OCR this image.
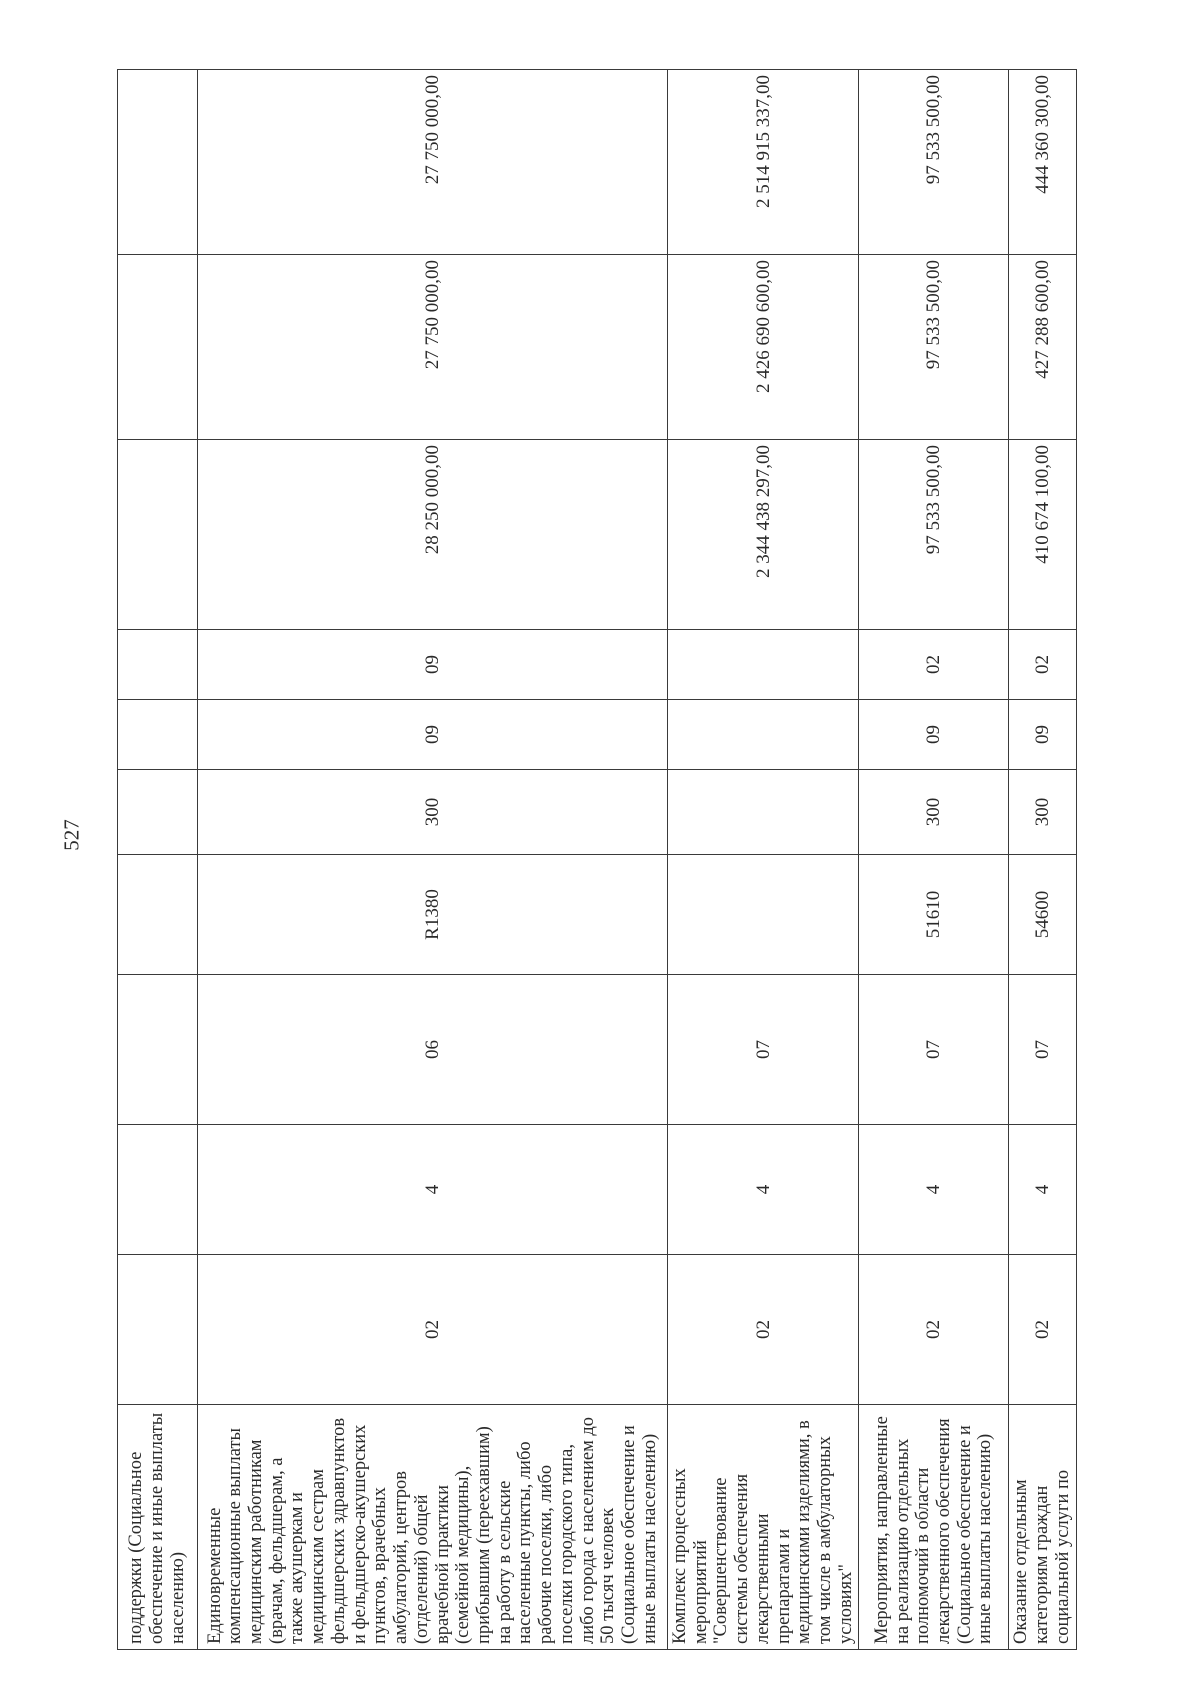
527
поддержки (Социальное обеспечение и иные выплаты населению)										
Единовременные компенсационные выплаты медицинским работникам (врачам, фельдшерам, а также акушеркам и медицинским сестрам фельдшерских здравпунктов и фельдшерско-акушерских пунктов, врачебных амбулаторий, центров (отделений) общей врачебной практики (семейной медицины), прибывшим (переехавшим) на работу в сельские населенные пункты, либо рабочие поселки, либо поселки городского типа, либо города с населением до 50 тысяч человек (Социальное обеспечение и иные выплаты населению)	02	4	06	R1380	300	09	09	28 250 000,00	27 750 000,00	27 750 000,00
Комплекс процессных мероприятий "Совершенствование системы обеспечения лекарственными препаратами и медицинскими изделиями, в том числе в амбулаторных условиях"	02	4	07					2 344 438 297,00	2 426 690 600,00	2 514 915 337,00
Мероприятия, направленные на реализацию отдельных полномочий в области лекарственного обеспечения (Социальное обеспечение и иные выплаты населению)	02	4	07	51610	300	09	02	97 533 500,00	97 533 500,00	97 533 500,00
Оказание отдельным категориям граждан социальной услуги по	02	4	07	54600	300	09	02	410 674 100,00	427 288 600,00	444 360 300,00
